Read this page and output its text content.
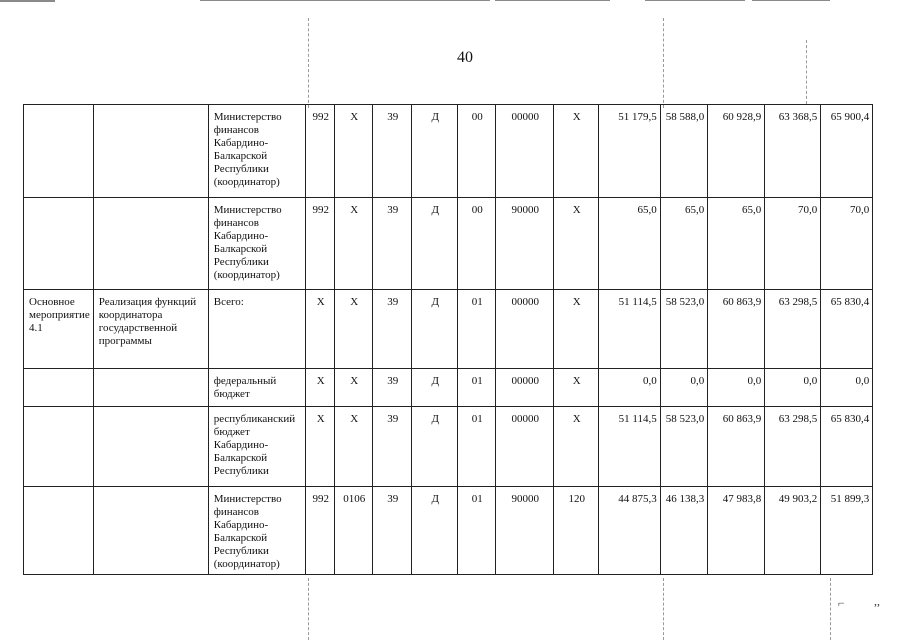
40
		Министерство финансов Кабардино-Балкарской Республики (координатор)	992	Х	39	Д	00	00000	Х	51 179,5	58 588,0	60 928,9	63 368,5	65 900,4
		Министерство финансов Кабардино-Балкарской Республики (координатор)	992	Х	39	Д	00	90000	Х	65,0	65,0	65,0	70,0	70,0
Основное мероприятие 4.1	Реализация функций координатора государственной программы	Всего:	Х	Х	39	Д	01	00000	Х	51 114,5	58 523,0	60 863,9	63 298,5	65 830,4
		федеральный бюджет	Х	Х	39	Д	01	00000	Х	0,0	0,0	0,0	0,0	0,0
		республиканский бюджет Кабардино-Балкарской Республики	Х	Х	39	Д	01	00000	Х	51 114,5	58 523,0	60 863,9	63 298,5	65 830,4
		Министерство финансов Кабардино-Балкарской Республики (координатор)	992	0106	39	Д	01	90000	120	44 875,3	46 138,3	47 983,8	49 903,2	51 899,3
⌐ ,,
